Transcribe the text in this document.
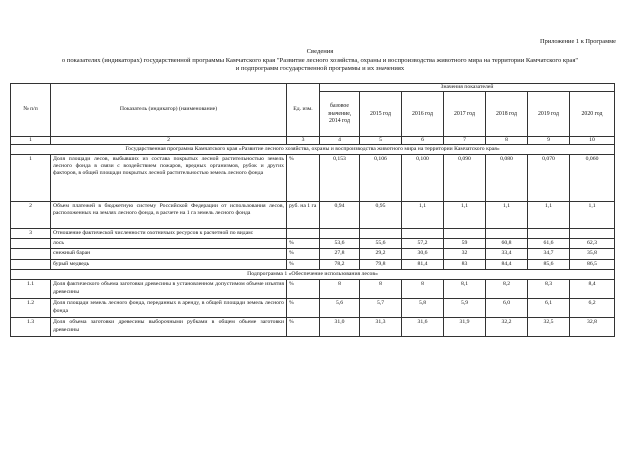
Приложение 1 к Программе
Сведения
о показателях (индикаторах) государственной программы Камчатского края "Развитие лесного хозяйства, охраны и воспроизводства животного мира на территории Камчатского края"
и подпрограмм государственной программы и их значениях
№ п/п	Показатель (индикатор) (наименование)	Ед. изм.	Значения показателей						
			базовое значение, 2014 год	2015 год	2016 год	2017 год	2018 год	2019 год	2020 год
1	2	3	4	5	6	7	8	9	10
Государственная программа Камчатского края «Развитие лесного хозяйства, охраны и воспроизводства животного мира на территории Камчатского края»									
1	Доля площади лесов, выбывших из состава покрытых лесной растительностью земель лесного фонда в связи с воздействием пожаров, вредных организмов, рубок и других факторов, в общей площади покрытых лесной растительностью земель лесного фонда	%	0,153	0,106	0,100	0,090	0,080	0,070	0,060
2	Объем платежей в бюджетную систему Российской Федерации от использования лесов, расположенных на землях лесного фонда, в расчете на 1 га земель лесного фонда	руб. на 1 га	0,94	0,95	1,1	1,1	1,1	1,1	1,1
3	Отношение фактической численности охотничьих ресурсов к расчетной по видам:								
	лось	%	53,6	55,6	57,2	59	60,8	61,6	62,3
	снежный баран	%	27,8	29,2	30,6	32	33,4	34,7	35,8
	бурый медведь	%	78,2	79,8	81,4	83	84,4	85,6	86,5
Подпрограмма 1 «Обеспечение использования лесов»									
1.1	Доля фактического объема заготовки древесины в установленном допустимом объеме изъятия древесины	%	8	8	8	8,1	8,2	8,3	8,4
1.2	Доля площади земель лесного фонда, переданных в аренду, в общей площади земель лесного фонда	%	5,6	5,7	5,8	5,9	6,0	6,1	6,2
1.3	Доля объема заготовки древесины выборочными рубками в общем объеме заготовки древесины	%	31,0	31,3	31,6	31,9	32,2	32,5	32,8
